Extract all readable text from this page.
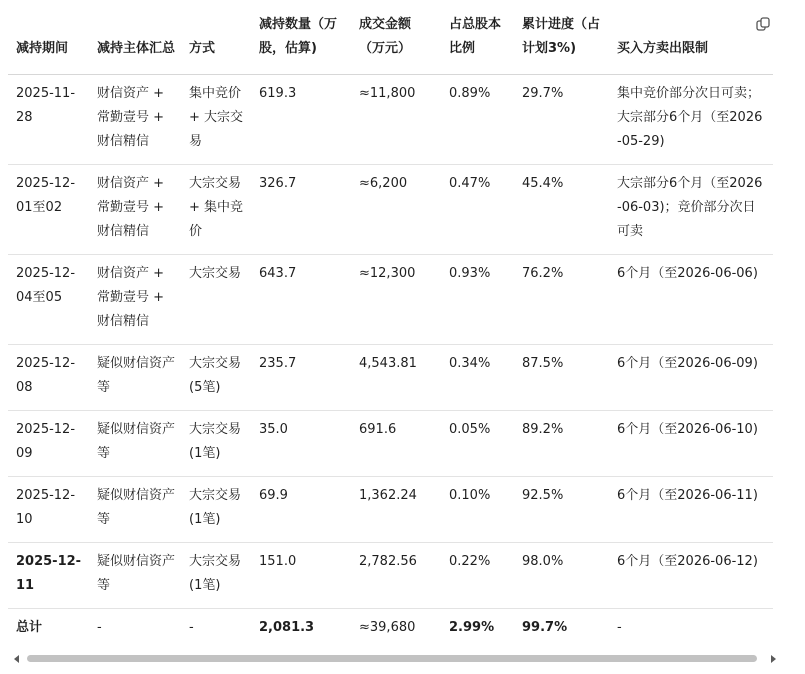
减持期间	减持主体汇总	方式	减持数量（万股，估算)	成交金额（万元）	占总股本比例	累计进度（占计划3%)	买入方卖出限制
2025-11-28	财信资产 + 常勤壹号 + 财信精信	集中竞价 + 大宗交易	619.3	≈11,800	0.89%	29.7%	集中竞价部分次日可卖；大宗部分6个月（至2026-05-29)
2025-12-01至02	财信资产 + 常勤壹号 + 财信精信	大宗交易 + 集中竞价	326.7	≈6,200	0.47%	45.4%	大宗部分6个月（至2026-06-03)；竞价部分次日可卖
2025-12-04至05	财信资产 + 常勤壹号 + 财信精信	大宗交易	643.7	≈12,300	0.93%	76.2%	6个月（至2026-06-06)
2025-12-08	疑似财信资产等	大宗交易 (5笔)	235.7	4,543.81	0.34%	87.5%	6个月（至2026-06-09)
2025-12-09	疑似财信资产等	大宗交易 (1笔)	35.0	691.6	0.05%	89.2%	6个月（至2026-06-10)
2025-12-10	疑似财信资产等	大宗交易 (1笔)	69.9	1,362.24	0.10%	92.5%	6个月（至2026-06-11)
2025-12-11	疑似财信资产等	大宗交易 (1笔)	151.0	2,782.56	0.22%	98.0%	6个月（至2026-06-12)
总计	-	-	2,081.3	≈39,680	2.99%	99.7%	-
